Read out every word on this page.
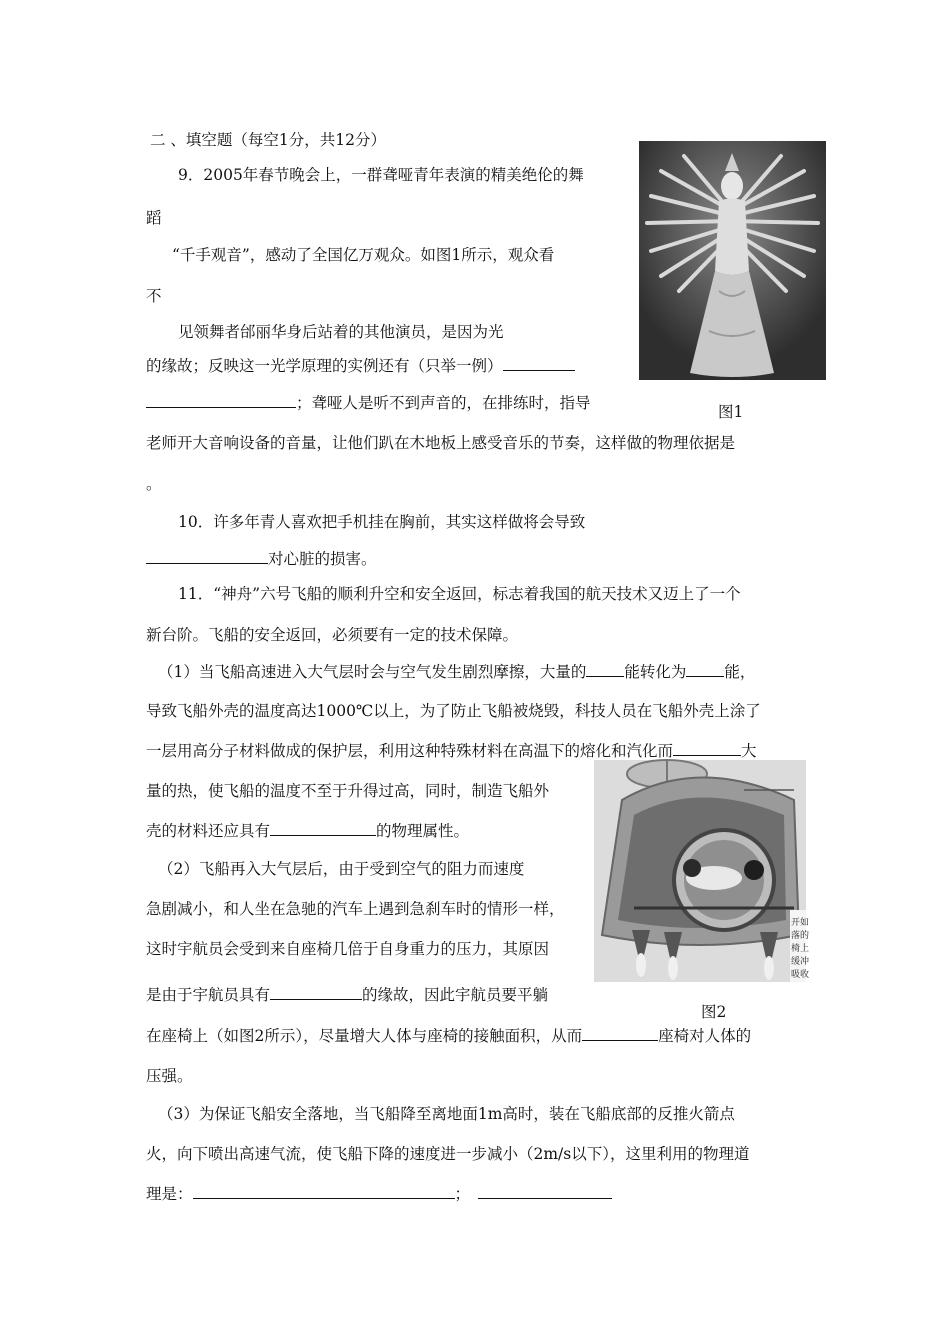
二 、填空题（每空1分，共12分）
9．2005年春节晚会上，一群聋哑青年表演的精美绝伦的舞
蹈
“千手观音”，感动了全国亿万观众。如图1所示，观众看
不
见领舞者邰丽华身后站着的其他演员，是因为光
的缘故；反映这一光学原理的实例还有（只举一例）
；聋哑人是听不到声音的，在排练时，指导
老师开大音响设备的音量，让他们趴在木地板上感受音乐的节奏，这样做的物理依据是
。
图1
10．许多年青人喜欢把手机挂在胸前，其实这样做将会导致
对心脏的损害。
11．“神舟”六号飞船的顺利升空和安全返回，标志着我国的航天技术又迈上了一个
新台阶。飞船的安全返回，必须要有一定的技术保障。
（1）当飞船高速进入大气层时会与空气发生剧烈摩擦，大量的 能转化为 能，
导致飞船外壳的温度高达1000℃以上，为了防止飞船被烧毁，科技人员在飞船外壳上涂了
一层用高分子材料做成的保护层，利用这种特殊材料在高温下的熔化和汽化而	大
量的热，使飞船的温度不至于升得过高，同时，制造飞船外
壳的材料还应具有	的物理属性。
（2）飞船再入大气层后，由于受到空气的阻力而速度
急剧减小，和人坐在急驰的汽车上遇到急刹车时的情形一样，
这时宇航员会受到来自座椅几倍于自身重力的压力，其原因
是由于宇航员具有	的缘故，因此宇航员要平躺
在座椅上（如图2所示），尽量增大人体与座椅的接触面积，从而	座椅对人体的
压强。
（3）为保证飞船安全落地，当飞船降至离地面1m高时，装在飞船底部的反推火箭点
火，向下喷出高速气流，使飞船下降的速度进一步减小（2m/s以下），这里利用的物理道
理是：	；
开如
落的
椅上
缓冲
吸收
图2
